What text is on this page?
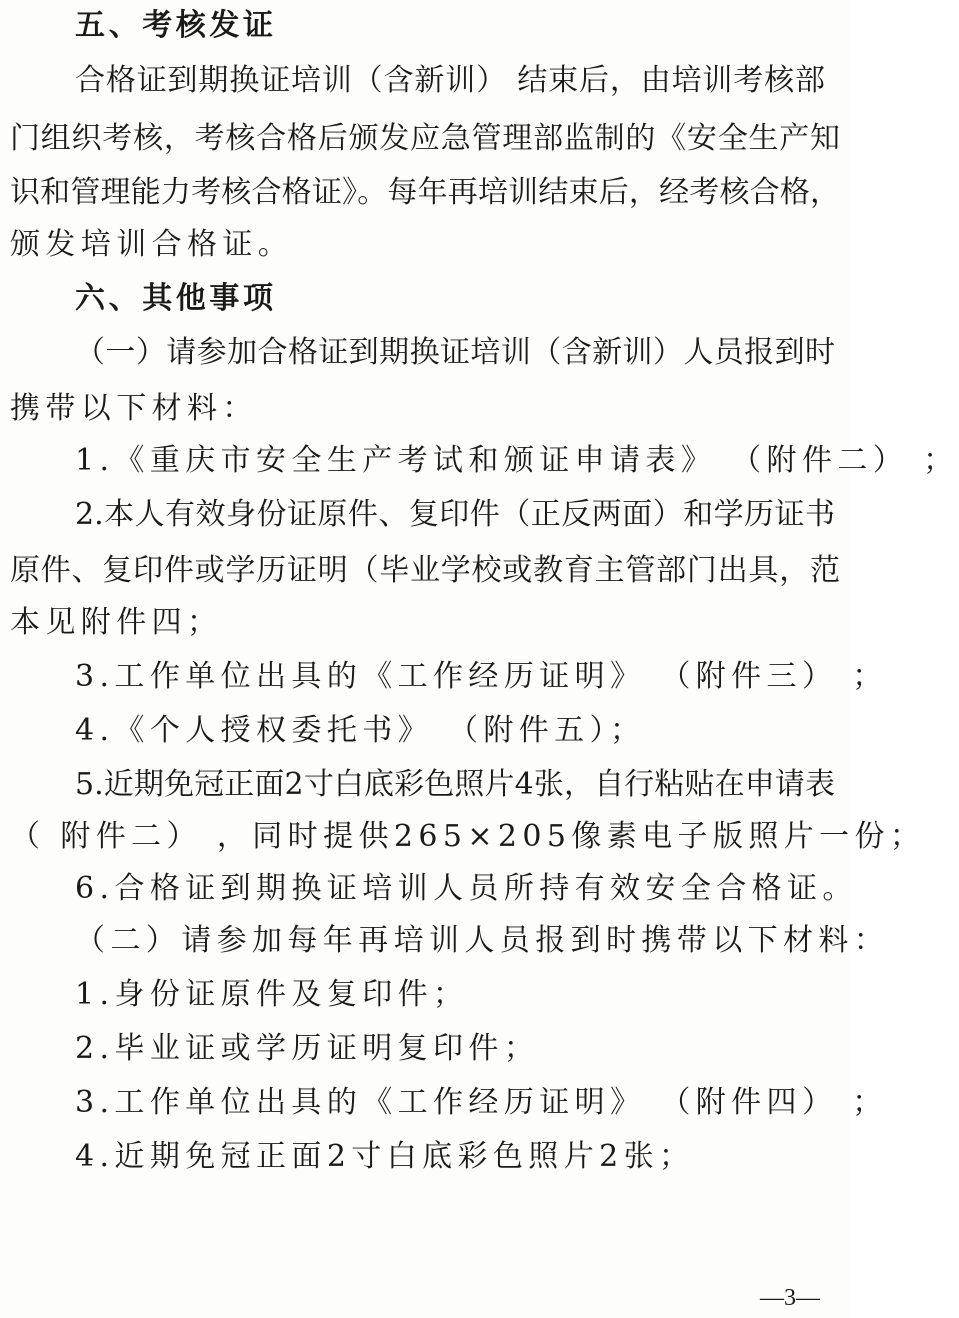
五、考核发证
合格证到期换证培训（含新训） 结束后，由培训考核部
门组织考核，考核合格后颁发应急管理部监制的《安全生产知
识和管理能力考核合格证》。每年再培训结束后，经考核合格，
颁发培训合格证。
六、其他事项
（一）请参加合格证到期换证培训（含新训）人员报到时
携带以下材料：
1.《重庆市安全生产考试和颁证申请表》 （附件二） ；
2.本人有效身份证原件、复印件（正反两面）和学历证书
原件、复印件或学历证明（毕业学校或教育主管部门出具，范
本见附件四；
3.工作单位出具的《工作经历证明》 （附件三） ；
4.《个人授权委托书》 （附件五）；
5.近期免冠正面2寸白底彩色照片4张，自行粘贴在申请表
（ 附件二） ，同时提供265×205像素电子版照片一份；
6.合格证到期换证培训人员所持有效安全合格证。
（二）请参加每年再培训人员报到时携带以下材料：
1.身份证原件及复印件；
2.毕业证或学历证明复印件；
3.工作单位出具的《工作经历证明》 （附件四） ；
4.近期免冠正面2寸白底彩色照片2张；
—3—
